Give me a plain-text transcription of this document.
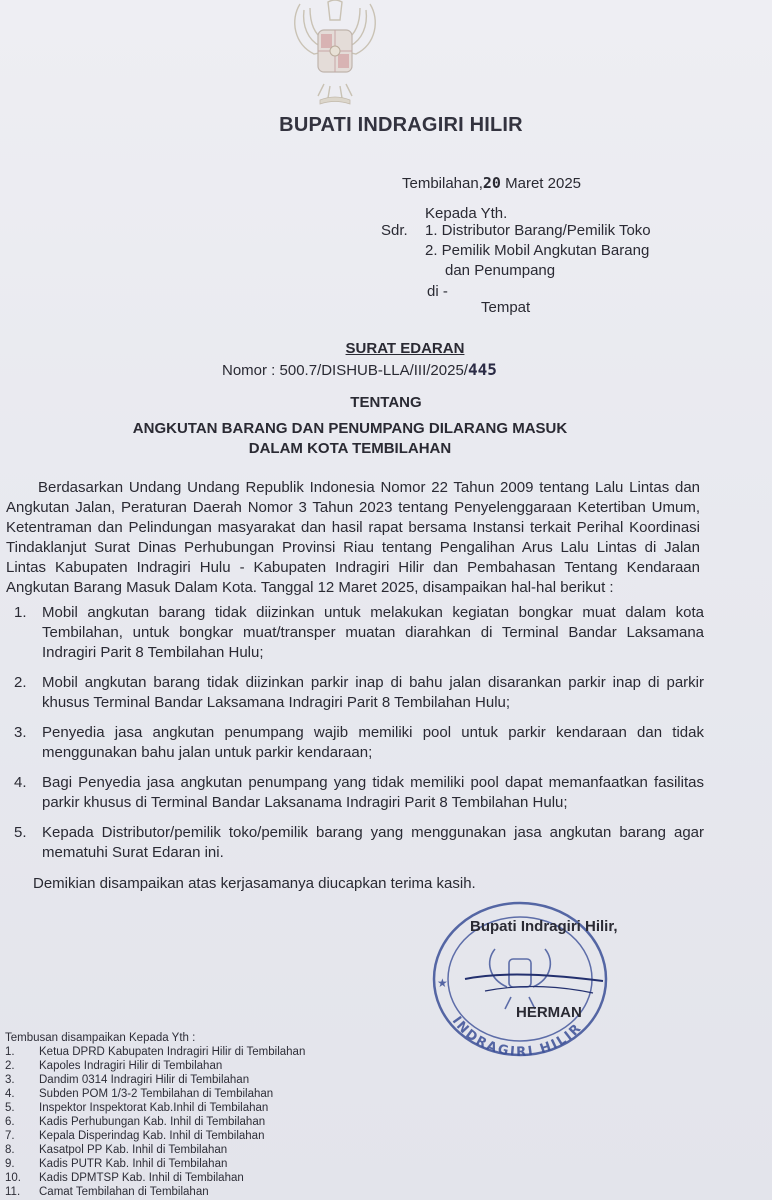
BUPATI INDRAGIRI HILIR
Tembilahan,20 Maret 2025
Kepada Yth.
Sdr. 1. Distributor Barang/Pemilik Toko
2. Pemilik Mobil Angkutan Barang
dan Penumpang
di -
Tempat
SURAT EDARAN
Nomor : 500.7/DISHUB-LLA/III/2025/445
TENTANG
ANGKUTAN BARANG DAN PENUMPANG DILARANG MASUK
DALAM KOTA TEMBILAHAN

Berdasarkan Undang Undang Republik Indonesia Nomor 22 Tahun 2009 tentang Lalu Lintas dan Angkutan Jalan, Peraturan Daerah Nomor 3 Tahun 2023 tentang Penyelenggaraan Ketertiban Umum, Ketentraman dan Pelindungan masyarakat dan hasil rapat bersama Instansi terkait Perihal Koordinasi Tindaklanjut Surat Dinas Perhubungan Provinsi Riau tentang Pengalihan Arus Lalu Lintas di Jalan Lintas Kabupaten Indragiri Hulu - Kabupaten Indragiri Hilir dan Pembahasan Tentang Kendaraan Angkutan Barang Masuk Dalam Kota. Tanggal 12 Maret 2025, disampaikan hal-hal berikut :

1. Mobil angkutan barang tidak diizinkan untuk melakukan kegiatan bongkar muat dalam kota Tembilahan, untuk bongkar muat/transper muatan diarahkan di Terminal Bandar Laksamana Indragiri Parit 8 Tembilahan Hulu;
2. Mobil angkutan barang tidak diizinkan parkir inap di bahu jalan disarankan parkir inap di parkir khusus Terminal Bandar Laksamana Indragiri Parit 8 Tembilahan Hulu;
3. Penyedia jasa angkutan penumpang wajib memiliki pool untuk parkir kendaraan dan tidak menggunakan bahu jalan untuk parkir kendaraan;
4. Bagi Penyedia jasa angkutan penumpang yang tidak memiliki pool dapat memanfaatkan fasilitas parkir khusus di Terminal Bandar Laksanama Indragiri Parit 8 Tembilahan Hulu;
5. Kepada Distributor/pemilik toko/pemilik barang yang menggunakan jasa angkutan barang agar mematuhi Surat Edaran ini.
Demikian disampaikan atas kerjasamanya diucapkan terima kasih.
★
INDRAGIRI HILIR
Bupati Indragiri Hilir,
HERMAN
Tembusan disampaikan Kepada Yth :
1.	Ketua DPRD Kabupaten Indragiri Hilir di Tembilahan
2.	Kapoles Indragiri Hilir di Tembilahan
3.	Dandim 0314 Indragiri Hilir di Tembilahan
4.	Subden POM 1/3-2 Tembilahan di Tembilahan
5.	Inspektor Inspektorat Kab.Inhil di Tembilahan
6.	Kadis Perhubungan Kab. Inhil di Tembilahan
7.	Kepala Disperindag Kab. Inhil di Tembilahan
8.	Kasatpol PP Kab. Inhil di Tembilahan
9.	Kadis PUTR Kab. Inhil di Tembilahan
10.	Kadis DPMTSP Kab. Inhil di Tembilahan
11.	Camat Tembilahan di Tembilahan
